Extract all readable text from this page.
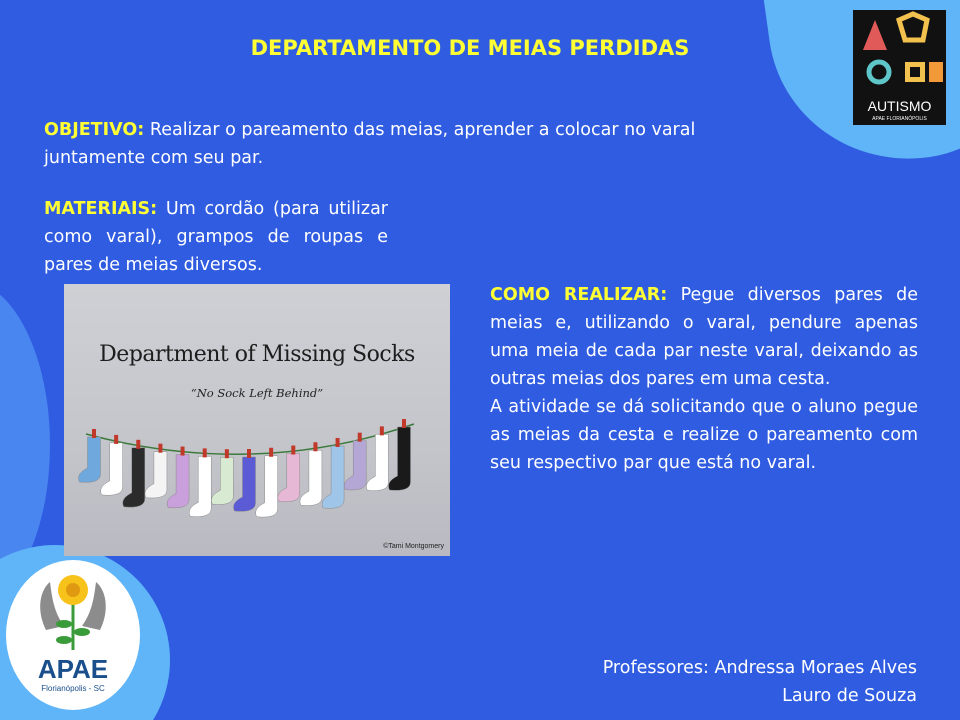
DEPARTAMENTO DE MEIAS PERDIDAS
OBJETIVO: Realizar o pareamento das meias, aprender a colocar no varal juntamente com seu par.
MATERIAIS: Um cordão (para utilizar como varal), grampos de roupas e pares de meias diversos.
COMO REALIZAR: Pegue diversos pares de meias e, utilizando o varal, pendure apenas uma meia de cada par neste varal, deixando as outras meias dos pares em uma cesta.
A atividade se dá solicitando que o aluno pegue as meias da cesta e realize o pareamento com seu respectivo par que está no varal.
Department of Missing Socks
“No Sock Left Behind”
©Tami Montgomery
AUTISMO
APAE FLORIANÓPOLIS
APAE
Florianópolis - SC
Professores: Andressa Moraes Alves
Lauro de Souza
